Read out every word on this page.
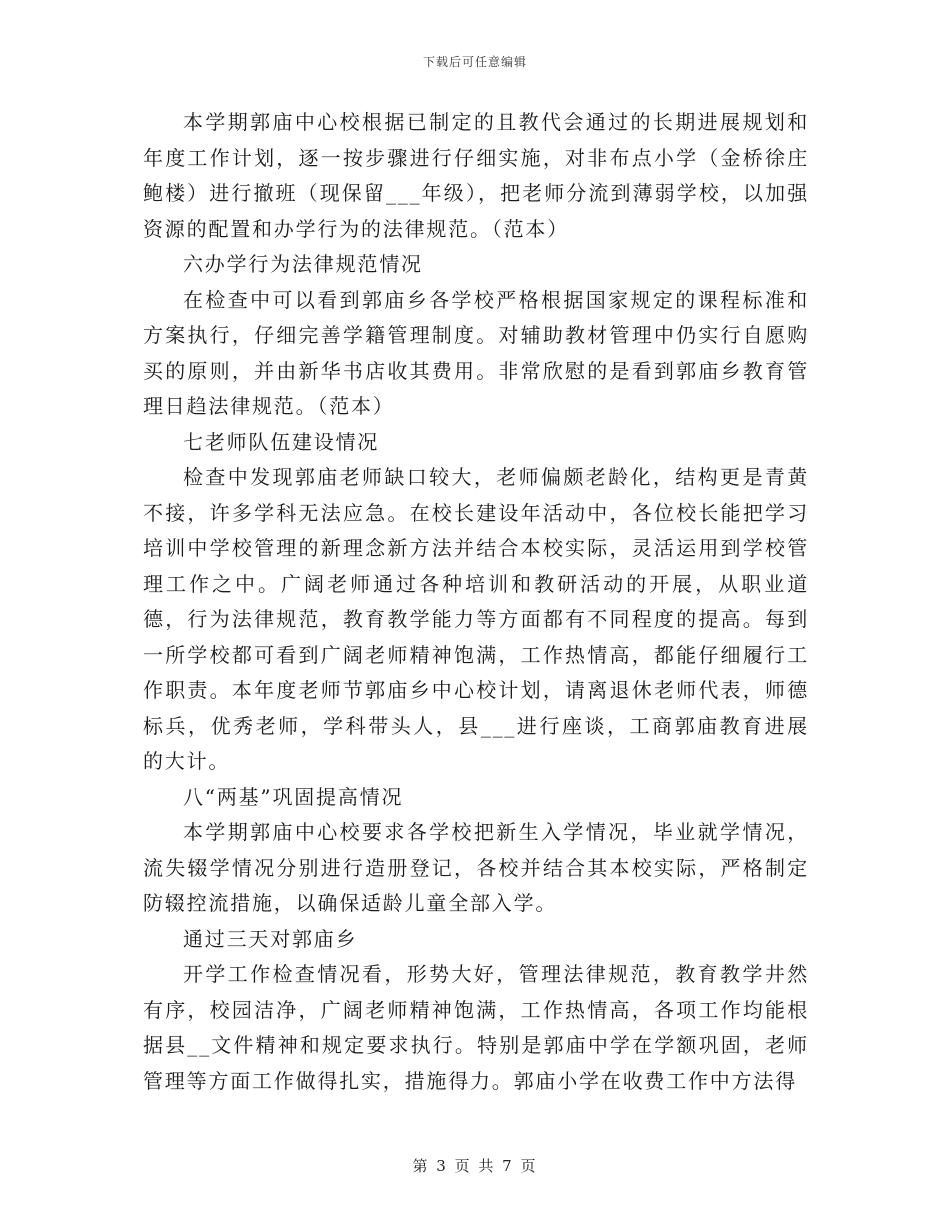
下载后可任意编辑

本学期郭庙中心校根据已制定的且教代会通过的长期进展规划和年度工作计划，逐一按步骤进行仔细实施，对非布点小学（金桥徐庄鲍楼）进行撤班（现保留___年级），把老师分流到薄弱学校，以加强资源的配置和办学行为的法律规范。（范本）

六办学行为法律规范情况

在检查中可以看到郭庙乡各学校严格根据国家规定的课程标准和方案执行，仔细完善学籍管理制度。对辅助教材管理中仍实行自愿购买的原则，并由新华书店收其费用。非常欣慰的是看到郭庙乡教育管理日趋法律规范。（范本）

七老师队伍建设情况

检查中发现郭庙老师缺口较大，老师偏颇老龄化，结构更是青黄不接，许多学科无法应急。在校长建设年活动中，各位校长能把学习培训中学校管理的新理念新方法并结合本校实际，灵活运用到学校管理工作之中。广阔老师通过各种培训和教研活动的开展，从职业道德，行为法律规范，教育教学能力等方面都有不同程度的提高。每到一所学校都可看到广阔老师精神饱满，工作热情高，都能仔细履行工作职责。本年度老师节郭庙乡中心校计划，请离退休老师代表，师德标兵，优秀老师，学科带头人，县___进行座谈，工商郭庙教育进展的大计。

八“两基”巩固提高情况

本学期郭庙中心校要求各学校把新生入学情况，毕业就学情况，流失辍学情况分别进行造册登记，各校并结合其本校实际，严格制定防辍控流措施，以确保适龄儿童全部入学。

通过三天对郭庙乡

开学工作检查情况看，形势大好，管理法律规范，教育教学井然有序，校园洁净，广阔老师精神饱满，工作热情高，各项工作均能根据县__文件精神和规定要求执行。特别是郭庙中学在学额巩固，老师管理等方面工作做得扎实，措施得力。郭庙小学在收费工作中方法得

第 3 页 共 7 页
